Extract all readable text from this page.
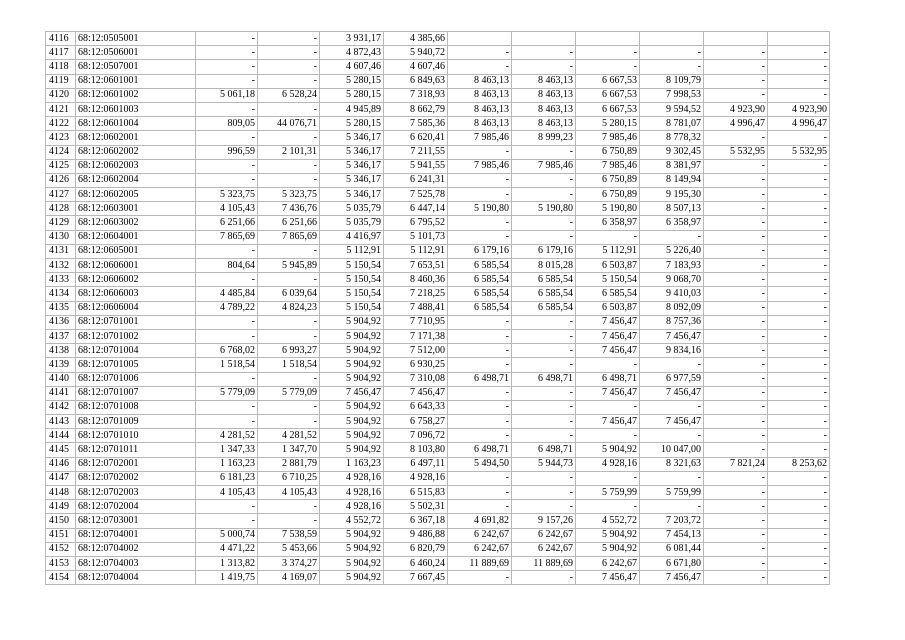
4116	68:12:0505001	-	-	3 931,17	4 385,66						
4117	68:12:0506001	-	-	4 872,43	5 940,72	-	-	-	-	-	-
4118	68:12:0507001	-	-	4 607,46	4 607,46	-	-	-	-	-	-
4119	68:12:0601001	-	-	5 280,15	6 849,63	8 463,13	8 463,13	6 667,53	8 109,79	-	-
4120	68:12:0601002	5 061,18	6 528,24	5 280,15	7 318,93	8 463,13	8 463,13	6 667,53	7 998,53	-	-
4121	68:12:0601003	-	-	4 945,89	8 662,79	8 463,13	8 463,13	6 667,53	9 594,52	4 923,90	4 923,90
4122	68:12:0601004	809,05	44 076,71	5 280,15	7 585,36	8 463,13	8 463,13	5 280,15	8 781,07	4 996,47	4 996,47
4123	68:12:0602001	-	-	5 346,17	6 620,41	7 985,46	8 999,23	7 985,46	8 778,32	-	-
4124	68:12:0602002	996,59	2 101,31	5 346,17	7 211,55	-	-	6 750,89	9 302,45	5 532,95	5 532,95
4125	68:12:0602003	-	-	5 346,17	5 941,55	7 985,46	7 985,46	7 985,46	8 381,97	-	-
4126	68:12:0602004	-	-	5 346,17	6 241,31	-	-	6 750,89	8 149,94	-	-
4127	68:12:0602005	5 323,75	5 323,75	5 346,17	7 525,78	-	-	6 750,89	9 195,30	-	-
4128	68:12:0603001	4 105,43	7 436,76	5 035,79	6 447,14	5 190,80	5 190,80	5 190,80	8 507,13	-	-
4129	68:12:0603002	6 251,66	6 251,66	5 035,79	6 795,52	-	-	6 358,97	6 358,97	-	-
4130	68:12:0604001	7 865,69	7 865,69	4 416,97	5 101,73	-	-	-	-	-	-
4131	68:12:0605001	-	-	5 112,91	5 112,91	6 179,16	6 179,16	5 112,91	5 226,40	-	-
4132	68:12:0606001	804,64	5 945,89	5 150,54	7 653,51	6 585,54	8 015,28	6 503,87	7 183,93	-	-
4133	68:12:0606002	-	-	5 150,54	8 460,36	6 585,54	6 585,54	5 150,54	9 068,70	-	-
4134	68:12:0606003	4 485,84	6 039,64	5 150,54	7 218,25	6 585,54	6 585,54	6 585,54	9 410,03	-	-
4135	68:12:0606004	4 789,22	4 824,23	5 150,54	7 488,41	6 585,54	6 585,54	6 503,87	8 092,09	-	-
4136	68:12:0701001	-	-	5 904,92	7 710,95	-	-	7 456,47	8 757,36	-	-
4137	68:12:0701002	-	-	5 904,92	7 171,38	-	-	7 456,47	7 456,47	-	-
4138	68:12:0701004	6 768,02	6 993,27	5 904,92	7 512,00	-	-	7 456,47	9 834,16	-	-
4139	68:12:0701005	1 518,54	1 518,54	5 904,92	6 930,25	-	-	-	-	-	-
4140	68:12:0701006	-	-	5 904,92	7 310,08	6 498,71	6 498,71	6 498,71	6 977,59	-	-
4141	68:12:0701007	5 779,09	5 779,09	7 456,47	7 456,47	-	-	7 456,47	7 456,47	-	-
4142	68:12:0701008	-	-	5 904,92	6 643,33	-	-	-	-	-	-
4143	68:12:0701009	-	-	5 904,92	6 758,27	-	-	7 456,47	7 456,47	-	-
4144	68:12:0701010	4 281,52	4 281,52	5 904,92	7 096,72	-	-	-	-	-	-
4145	68:12:0701011	1 347,33	1 347,70	5 904,92	8 103,80	6 498,71	6 498,71	5 904,92	10 047,00	-	-
4146	68:12:0702001	1 163,23	2 881,79	1 163,23	6 497,11	5 494,50	5 944,73	4 928,16	8 321,63	7 821,24	8 253,62
4147	68:12:0702002	6 181,23	6 710,25	4 928,16	4 928,16	-	-	-	-	-	-
4148	68:12:0702003	4 105,43	4 105,43	4 928,16	6 515,83	-	-	5 759,99	5 759,99	-	-
4149	68:12:0702004	-	-	4 928,16	5 502,31	-	-	-	-	-	-
4150	68:12:0703001	-	-	4 552,72	6 367,18	4 691,82	9 157,26	4 552,72	7 203,72	-	-
4151	68:12:0704001	5 000,74	7 538,59	5 904,92	9 486,88	6 242,67	6 242,67	5 904,92	7 454,13	-	-
4152	68:12:0704002	4 471,22	5 453,66	5 904,92	6 820,79	6 242,67	6 242,67	5 904,92	6 081,44	-	-
4153	68:12:0704003	1 313,82	3 374,27	5 904,92	6 460,24	11 889,69	11 889,69	6 242,67	6 671,80	-	-
4154	68:12:0704004	1 419,75	4 169,07	5 904,92	7 667,45	-	-	7 456,47	7 456,47	-	-
